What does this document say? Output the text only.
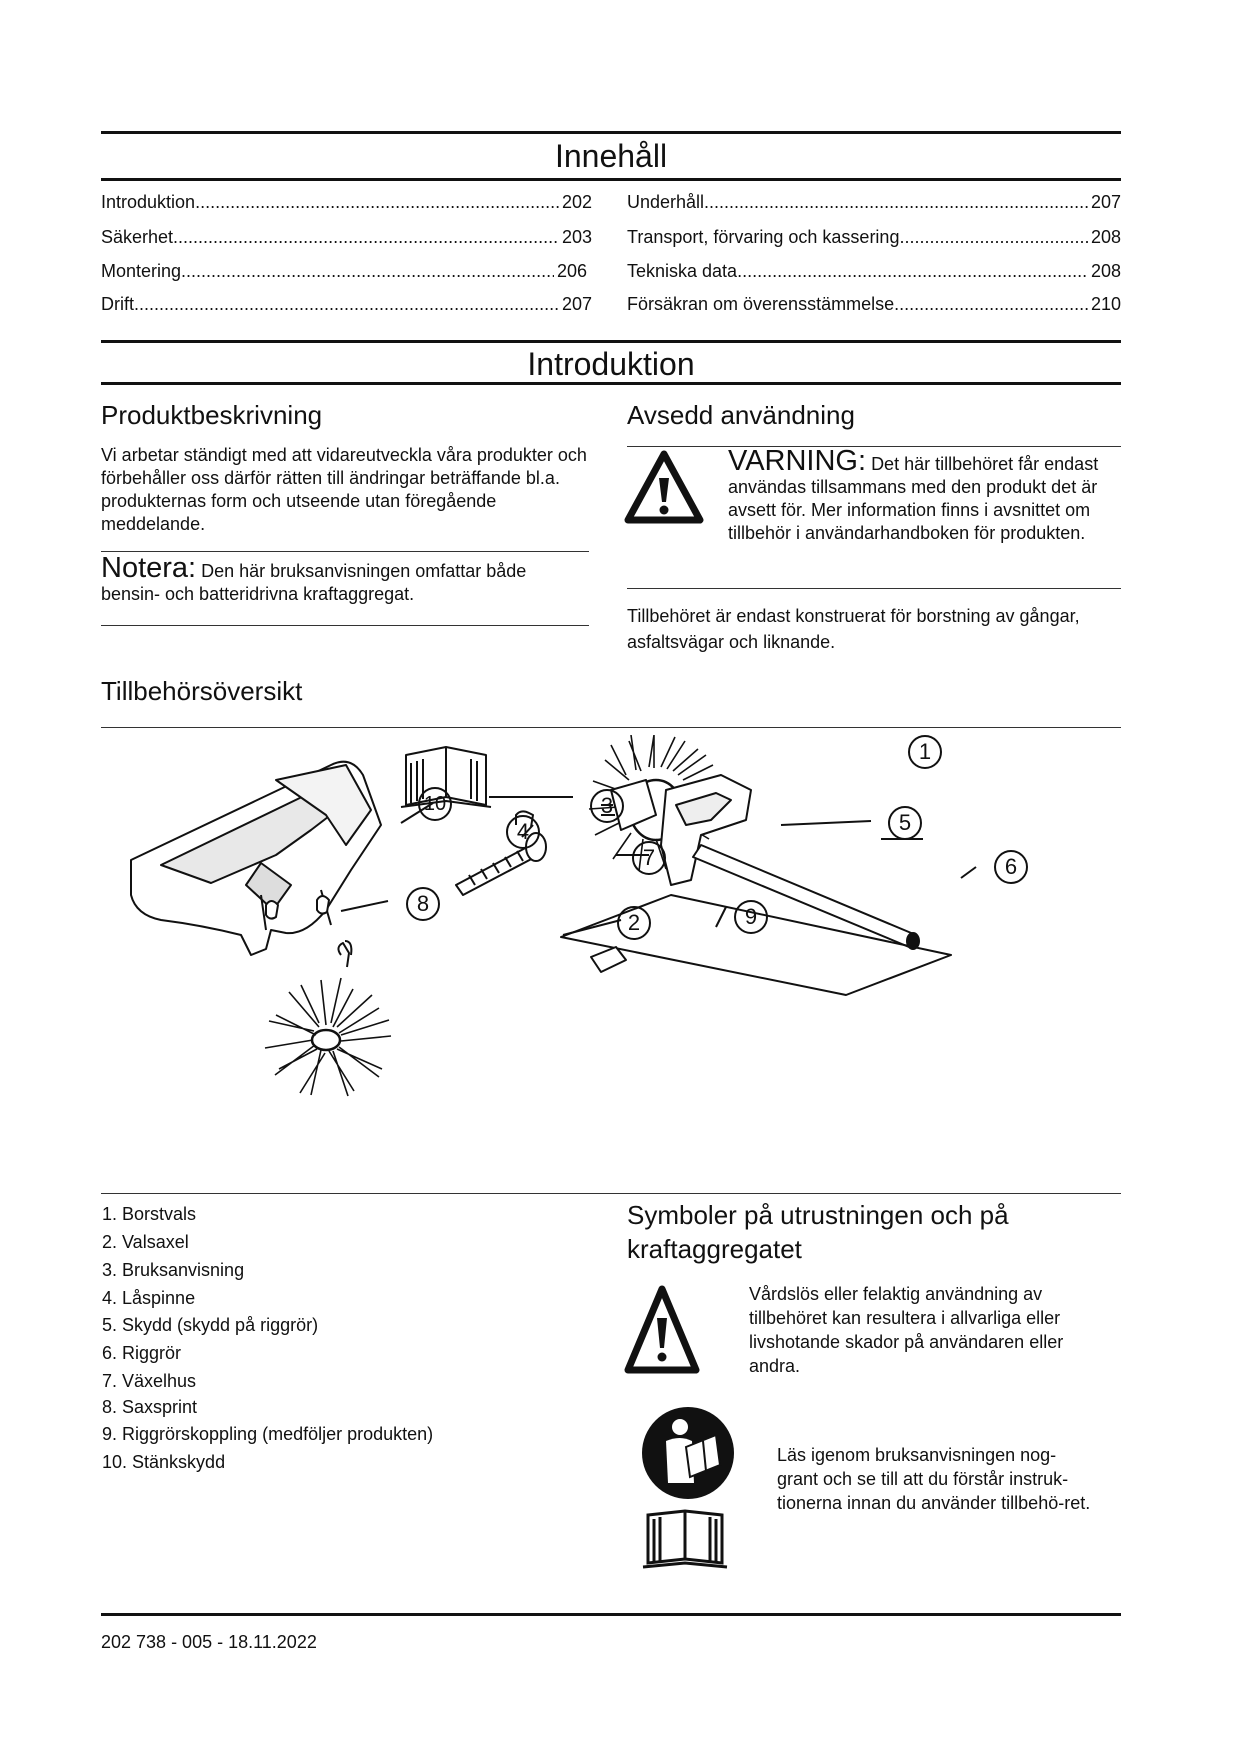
Innehåll
Introduktion .....	202
Säkerhet .....	203
Montering .....	206
Drift .....	207
Underhåll .....	207
Transport, förvaring och kassering .....	208
Tekniska data .....	208
Försäkran om överensstämmelse .....	210
Introduktion
Produktbeskrivning

Vi arbetar ständigt med att vidareutveckla våra produkter och förbehåller oss därför rätten till ändringar beträffande bl.a. produkternas form och utseende utan föregående meddelande.

Notera: Den här bruksanvisningen omfattar både bensin- och batteridrivna kraftaggregat.
Avsedd användning
VARNING: Det här tillbehöret får endast användas tillsammans med den produkt det är avsett för. Mer information finns i avsnittet om tillbehör i användarhandboken för produkten.

Tillbehöret är endast konstruerat för borstning av gångar, asfaltsvägar och liknande.

Tillbehörsöversikt
1
2
3
4	5
6
7
8
9
10
1. Borstvals
2. Valsaxel
3. Bruksanvisning
4. Låspinne
5. Skydd (skydd på riggrör)
6. Riggrör
7. Växelhus
8. Saxsprint
9. Riggrörskoppling (medföljer produkten)
10. Stänkskydd
Symboler på utrustningen och på
kraftaggregatet

Vårdslös eller felaktig användning av tillbehöret kan resultera i allvarliga eller livshotande skador på användaren eller andra.

Läs igenom bruksanvisningen nog-grant och se till att du förstår instruk-tionerna innan du använder tillbehö-ret.

202 738 - 005 - 18.11.2022
